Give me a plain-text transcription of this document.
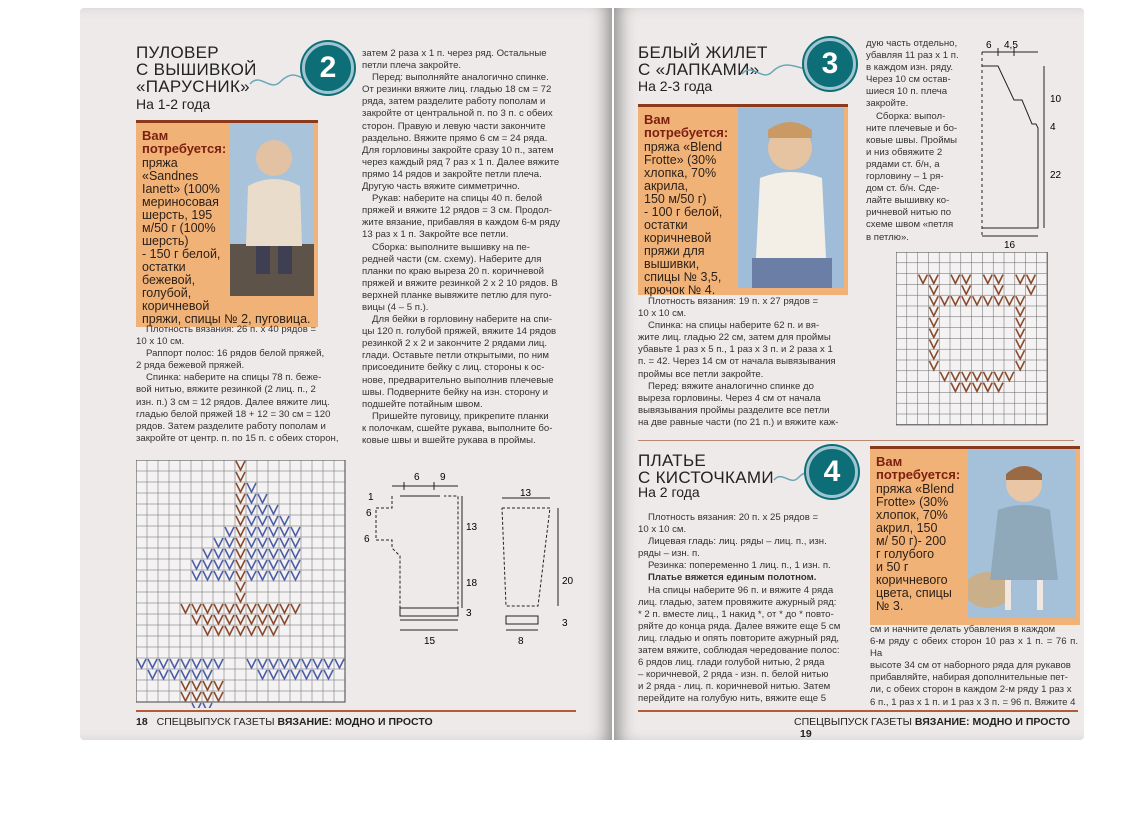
ПУЛОВЕР
С ВЫШИВКОЙ
«ПАРУСНИК»
На 1-2 года
2
Вам
потребуется:
пряжа
«Sandnes
Ianett» (100%
мериносовая
шерсть, 195
м/50 г (100%
шерсть)
- 150 г белой,
остатки
бежевой,
голубой,
коричневой
пряжи, спицы № 2, пуговица.

Плотность вязания: 26 п. х 40 рядов =

10 х 10 см.

Раппорт полос: 16 рядов белой пряжей,

2 ряда бежевой пряжей.

Спинка: наберите на спицы 78 п. беже-

вой нитью, вяжите резинкой (2 лиц. п., 2

изн. п.) 3 см = 12 рядов. Далее вяжите лиц.

гладью белой пряжей 18 + 12 = 30 см = 120

рядов. Затем разделите работу пополам и

закройте от центр. п. по 15 п. с обеих сторон,

затем 2 раза х 1 п. через ряд. Остальные

петли плеча закройте.

Перед: выполняйте аналогично спинке.

От резинки вяжите лиц. гладью 18 см = 72

ряда, затем разделите работу пополам и

закройте от центральной п. по 3 п. с обеих

сторон. Правую и левую части закончите

раздельно. Вяжите прямо 6 см = 24 ряда.

Для горловины закройте сразу 10 п., затем

через каждый ряд 7 раз х 1 п. Далее вяжите

прямо 14 рядов и закройте петли плеча.

Другую часть вяжите симметрично.

Рукав: наберите на спицы 40 п. белой

пряжей и вяжите 12 рядов = 3 см. Продол-

жите вязание, прибавляя в каждом 6-м ряду

13 раз х 1 п. Закройте все петли.

Сборка: выполните вышивку на пе-

редней части (см. схему). Наберите для

планки по краю выреза 20 п. коричневой

пряжей и вяжите резинкой 2 х 2 10 рядов. В

верхней планке вывяжите петлю для пуго-

вицы (4 – 5 п.).

Для бейки в горловину наберите на спи-

цы 120 п. голубой пряжей, вяжите 14 рядов

резинкой 2 х 2 и закончите 2 рядами лиц.

глади. Оставьте петли открытыми, по ним

присоедините бейку с лиц. стороны к ос-

нове, предварительно выполнив плечевые

швы. Подверните бейку на изн. сторону и

подшейте потайным швом.

Пришейте пуговицу, прикрепите планки

к полочкам, сшейте рукава, выполните бо-

ковые швы и вшейте рукава в проймы.

1
6
6
6 9
13
18
3
15
13
20
3
8
18 СПЕЦВЫПУСК ГАЗЕТЫ ВЯЗАНИЕ: МОДНО И ПРОСТО
БЕЛЫЙ ЖИЛЕТ
С «ЛАПКАМИ»
На 2-3 года
3
Вам
потребуется:
пряжа «Blend
Frotte» (30%
хлопка, 70%
акрила,
150 м/50 г)
- 100 г белой,
остатки
коричневой
пряжи для
вышивки,
спицы № 3,5,
крючок № 4.

Плотность вязания: 19 п. х 27 рядов =

10 х 10 см.

Спинка: на спицы наберите 62 п. и вя-

жите лиц. гладью 22 см, затем для проймы

убавьте 1 раз х 5 п., 1 раз х 3 п. и 2 раза х 1

п. = 42. Через 14 см от начала вывязывания

проймы все петли закройте.

Перед: вяжите аналогично спинке до

выреза горловины. Через 4 см от начала

вывязывания проймы разделите все петли

на две равные части (по 21 п.) и вяжите каж-

дую часть отдельно,

убавляя 11 раз х 1 п.

в каждом изн. ряду.

Через 10 см остав-

шиеся 10 п. плеча

закройте.

Сборка: выпол-

ните плечевые и бо-

ковые швы. Проймы

и низ обвяжите 2

рядами ст. б/н, а

горловину – 1 ря-

дом ст. б/н. Сде-

лайте вышивку ко-

ричневой нитью по

схеме швом «петля

в петлю».

6 4,5
10
4
22
16
ПЛАТЬЕ
С КИСТОЧКАМИ
На 2 года
4	Вам
потребуется:
пряжа «Blend
Frotte» (30%
хлопок, 70%
акрил, 150
м/ 50 г)- 200
г голубого
и 50 г
коричневого
цвета, спицы
№ 3.

Плотность вязания: 20 п. х 25 рядов =

10 х 10 см.

Лицевая гладь: лиц. ряды – лиц. п., изн.

ряды – изн. п.

Резинка: попеременно 1 лиц. п., 1 изн. п.

Платье вяжется единым полотном.

На спицы наберите 96 п. и вяжите 4 ряда

лиц. гладью, затем провяжите ажурный ряд:

* 2 п. вместе лиц., 1 накид *, от * до * повто-

ряйте до конца ряда. Далее вяжите еще 5 см

лиц. гладью и опять повторите ажурный ряд,

затем вяжите, соблюдая чередование полос:

6 рядов лиц. глади голубой нитью, 2 ряда

– коричневой, 2 ряда - изн. п. белой нитью

и 2 ряда - лиц. п. коричневой нитью. Затем

перейдите на голубую нить, вяжите еще 5

см и начните делать убавления в каждом

6-м ряду с обеих сторон 10 раз х 1 п. = 76 п. На

высоте 34 см от наборного ряда для рукавов

прибавляйте, набирая дополнительные пет-

ли, с обеих сторон в каждом 2-м ряду 1 раз х

6 п., 1 раз х 1 п. и 1 раз х 3 п. = 96 п. Вяжите 4

СПЕЦВЫПУСК ГАЗЕТЫ ВЯЗАНИЕ: МОДНО И ПРОСТО 19
